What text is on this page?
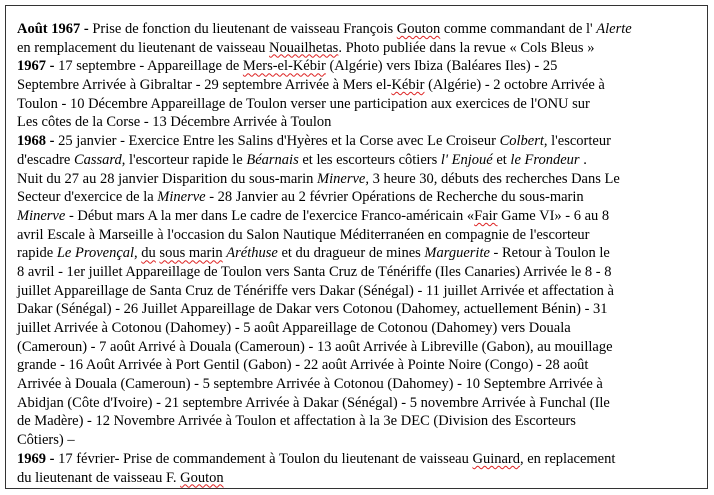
Août 1967 - Prise de fonction du lieutenant de vaisseau François Gouton comme commandant de l' Alerte
en remplacement du lieutenant de vaisseau Nouailhetas. Photo publiée dans la revue « Cols Bleus »
1967 - 17 septembre - Appareillage de Mers-el-Kébir (Algérie) vers Ibiza (Baléares Iles) - 25
Septembre Arrivée à Gibraltar - 29 septembre Arrivée à Mers el-Kébir (Algérie) - 2 octobre Arrivée à
Toulon - 10 Décembre Appareillage de Toulon verser une participation aux exercices de l'ONU sur
Les côtes de la Corse - 13 Décembre Arrivée à Toulon
1968 - 25 janvier - Exercice Entre les Salins d'Hyères et la Corse avec Le Croiseur Colbert, l'escorteur
d'escadre Cassard, l'escorteur rapide le Béarnais et les escorteurs côtiers l' Enjoué et le Frondeur .
Nuit du 27 au 28 janvier Disparition du sous-marin Minerve, 3 heure 30, débuts des recherches Dans Le
Secteur d'exercice de la Minerve - 28 Janvier au 2 février Opérations de Recherche du sous-marin
Minerve - Début mars A la mer dans Le cadre de l'exercice Franco-américain «Fair Game VI» - 6 au 8
avril Escale à Marseille à l'occasion du Salon Nautique Méditerranéen en compagnie de l'escorteur
rapide Le Provençal, du sous marin Aréthuse et du dragueur de mines Marguerite - Retour à Toulon le
8 avril - 1er juillet Appareillage de Toulon vers Santa Cruz de Ténériffe (Iles Canaries) Arrivée le 8 - 8
juillet Appareillage de Santa Cruz de Ténériffe vers Dakar (Sénégal) - 11 juillet Arrivée et affectation à
Dakar (Sénégal) - 26 Juillet Appareillage de Dakar vers Cotonou (Dahomey, actuellement Bénin) - 31
juillet Arrivée à Cotonou (Dahomey) - 5 août Appareillage de Cotonou (Dahomey) vers Douala
(Cameroun) - 7 août Arrivé à Douala (Cameroun) - 13 août Arrivée à Libreville (Gabon), au mouillage
grande - 16 Août Arrivée à Port Gentil (Gabon) - 22 août Arrivée à Pointe Noire (Congo) - 28 août
Arrivée à Douala (Cameroun) - 5 septembre Arrivée à Cotonou (Dahomey) - 10 Septembre Arrivée à
Abidjan (Côte d'Ivoire) - 21 septembre Arrivée à Dakar (Sénégal) - 5 novembre Arrivée à Funchal (Ile
de Madère) - 12 Novembre Arrivée à Toulon et affectation à la 3e DEC (Division des Escorteurs
Côtiers) –
1969 - 17 février- Prise de commandement à Toulon du lieutenant de vaisseau Guinard, en replacement
du lieutenant de vaisseau F. Gouton
